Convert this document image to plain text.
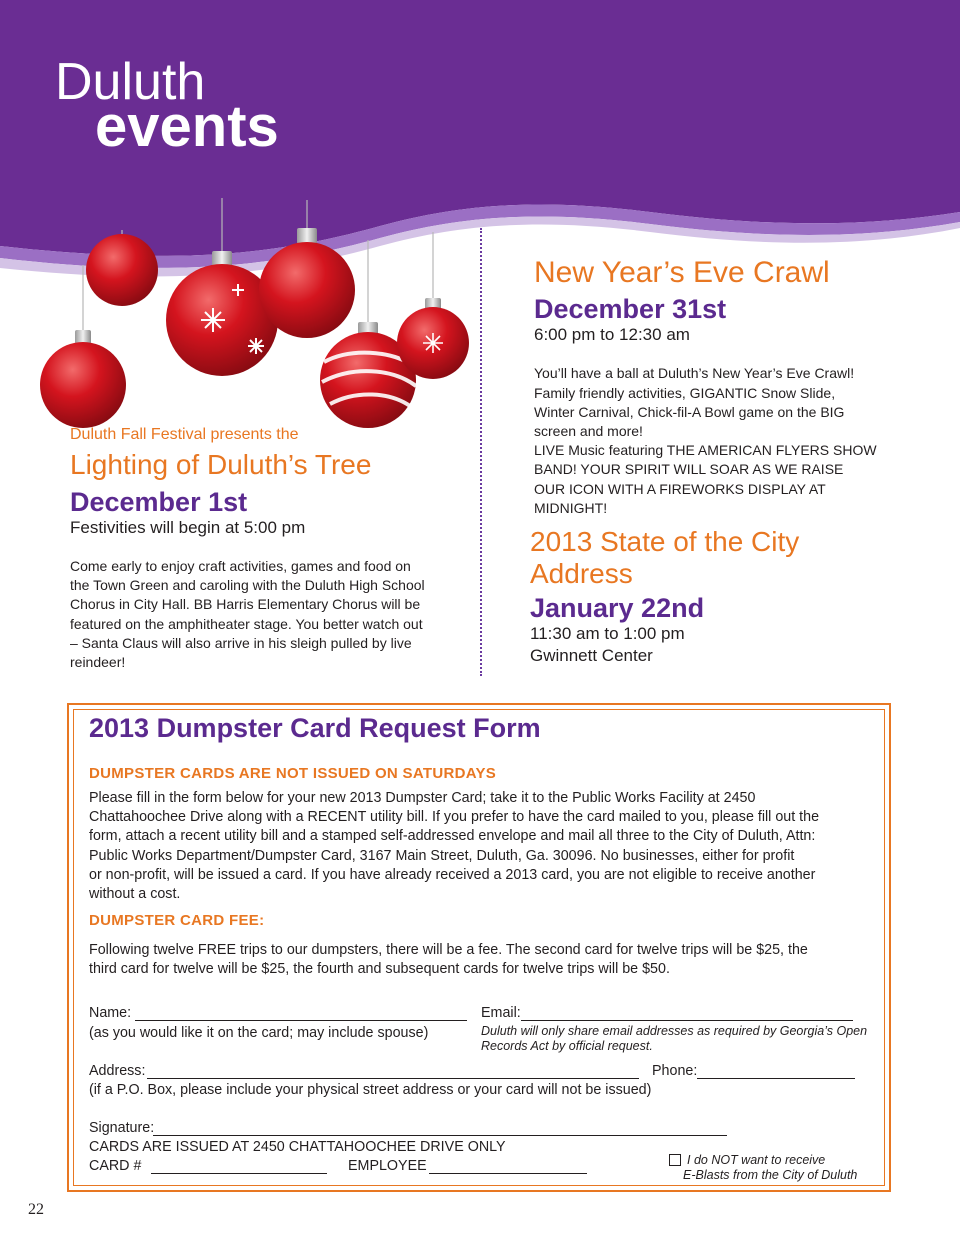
Duluth
events
Duluth Fall Festival presents the
Lighting of Duluth’s Tree
December 1st
Festivities will begin at 5:00 pm
Come early to enjoy craft activities, games and food on
the Town Green and caroling with the Duluth High School
Chorus in City Hall. BB Harris Elementary Chorus will be
featured on the amphitheater stage. You better watch out
– Santa Claus will also arrive in his sleigh pulled by live
reindeer!
New Year’s Eve Crawl
December 31st
6:00 pm to 12:30 am
You’ll have a ball at Duluth’s New Year’s Eve Crawl!
Family friendly activities, GIGANTIC Snow Slide,
Winter Carnival, Chick-fil-A Bowl game on the BIG
screen and more!
LIVE Music featuring THE AMERICAN FLYERS SHOW
BAND! YOUR SPIRIT WILL SOAR AS WE RAISE
OUR ICON WITH A FIREWORKS DISPLAY AT
MIDNIGHT!
2013 State of the City
Address
January 22nd
11:30 am to 1:00 pm
Gwinnett Center
2013 Dumpster Card Request Form
DUMPSTER CARDS ARE NOT ISSUED ON SATURDAYS
Please fill in the form below for your new 2013 Dumpster Card; take it to the Public Works Facility at 2450
Chattahoochee Drive along with a RECENT utility bill. If you prefer to have the card mailed to you, please fill out the
form, attach a recent utility bill and a stamped self-addressed envelope and mail all three to the City of Duluth, Attn:
Public Works Department/Dumpster Card, 3167 Main Street, Duluth, Ga. 30096. No businesses, either for profit
or non-profit, will be issued a card. If you have already received a 2013 card, you are not eligible to receive another
without a cost.
DUMPSTER CARD FEE:
Following twelve FREE trips to our dumpsters, there will be a fee. The second card for twelve trips will be $25, the
third card for twelve will be $25, the fourth and subsequent cards for twelve trips will be $50.
Name:
(as you would like it on the card; may include spouse)
Email:
Duluth will only share email addresses as required by Georgia’s Open
Records Act by official request.
Address:	Phone:
(if a P.O. Box, please include your physical street address or your card will not be issued)
Signature:
CARDS ARE ISSUED AT 2450 CHATTAHOOCHEE DRIVE ONLY
CARD #	EMPLOYEE	I do NOT want to receive
E-Blasts from the City of Duluth
22
